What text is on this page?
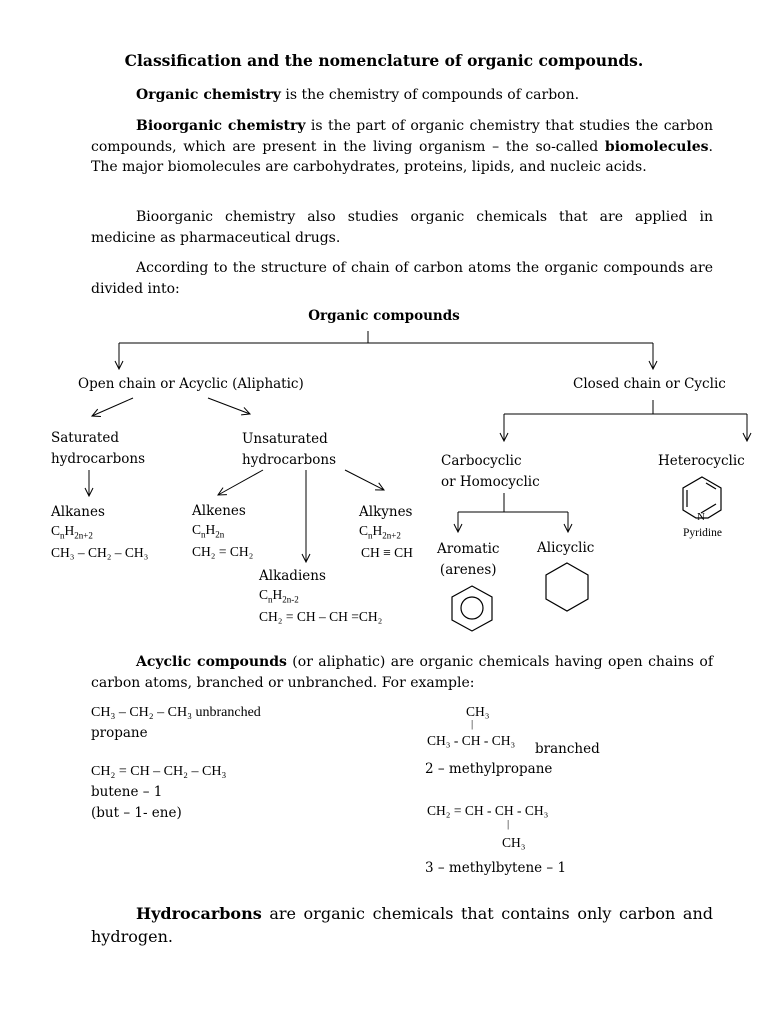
Classification and the nomenclature of organic compounds.
Organic chemistry is the chemistry of compounds of carbon.
Bioorganic chemistry is the part of organic chemistry that studies the carbon compounds, which are present in the living organism – the so-called biomolecules. The major biomolecules are carbohydrates, proteins, lipids, and nucleic acids.
Bioorganic chemistry also studies organic chemicals that are applied in medicine as pharmaceutical drugs.
According to the structure of chain of carbon atoms the organic compounds are divided into:
Organic compounds
Open chain or Acyclic (Aliphatic)	Closed chain or Cyclic
Saturated
hydrocarbons
Unsaturated
hydrocarbons	Carbocyclic
or Homocyclic
Heterocyclic
Alkanes
$C_nH_{2n+2}$
CH₃ – CH₂ – CH₃
Alkenes
$C_nH_{2n}$
CH₂ = CH₂
Alkynes
$C_nH_{2n+2}$
CH ≡ CH
Alkadiens
$C_nH_{2n-2}$
CH₂ = CH – CH =CH₂
Aromatic
(arenes)
Alicyclic
N
Pyridine
Acyclic compounds (or aliphatic) are organic chemicals having open chains of carbon atoms, branched or unbranched. For example:
CH₃ – CH₂ – CH₃ unbranched
propane
CH₂ = CH – CH₂ – CH₃
butene – 1
(but – 1- ene)
CH₃
|
CH₃ - CH - CH₃
branched
2 – methylpropane
CH₂ = CH - CH - CH₃
|
CH₃
3 – methylbytene – 1
Hydrocarbons are organic chemicals that contains only carbon and hydrogen.
